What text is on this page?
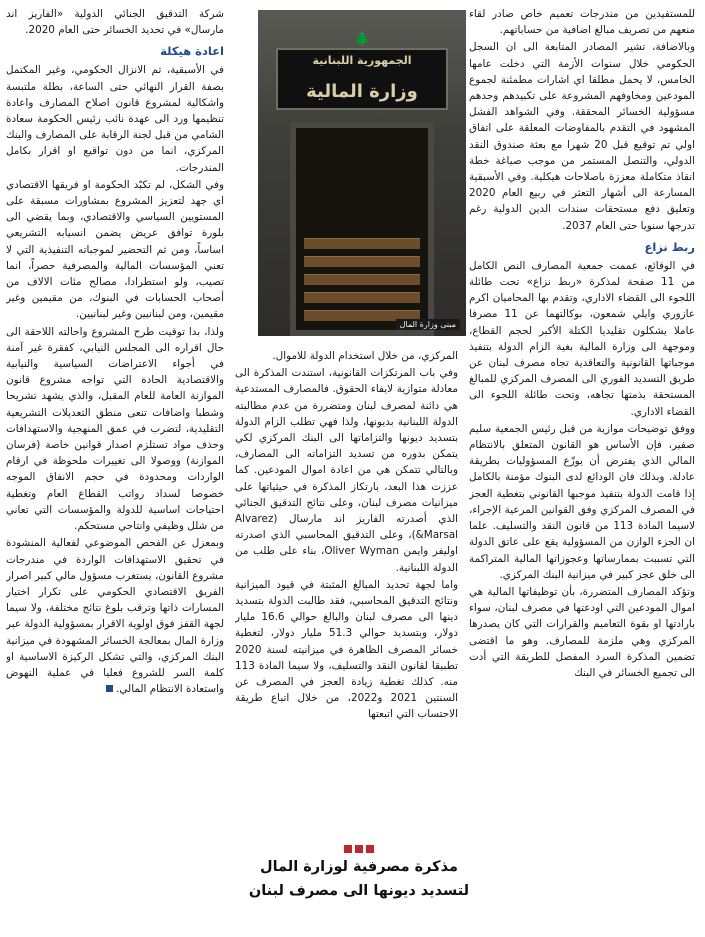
للمستفيدين من مندرجات تعميم خاص صادر لقاء منعهم من تصريف مبالغ اضافية من حساباتهم.

وبالاضافة، تشير المصادر المتابعة الى ان السجل الحكومي خلال سنوات الأزمة التي دخلت عامها الخامس، لا يحمل مطلقا اي اشارات مطمئنة لجموع المودعين ومخاوفهم المشروعة على تكبيدهم وحدهم مسؤولية الخسائر المحققة. وفي الشواهد الفشل المشهود في التقدم بالمفاوضات المعلقة على اتفاق اولي تم توقيع قبل 20 شهرا مع بعثة صندوق النقد الدولي، والتنصل المستمر من موجب صياغة خطة انقاذ متكاملة معززة باصلاحات هيكلية. وفي الأسبقية المسارعة الى أشهار التعثر في ربيع العام 2020 وتعليق دفع مستحقات سندات الدين الدولية رغم تدرجها سنويا حتى العام 2037.

ربط نزاع

في الوقائع، عممت جمعية المصارف النص الكامل من 11 صفحة لمذكرة «ربط نزاع» تحت طائلة اللجوء الى القضاء الاداري، وتقدم بها المحاميان اكرم عازوري وايلي شمعون، بوكالتهما عن 11 مصرفا عاملا يشكلون تقليديا الكتلة الأكبر لحجم القطاع، وموجهة الى وزارة المالية بغية الزام الدولة بتنفيذ موجباتها القانونية والتعاقدية تجاه مصرف لبنان عن طريق التسديد الفوري الى المصرف المركزي للمبالغ المستحقة بذمتها تجاهه، وتحت طائلة اللجوء الى القضاء الاداري.

ووفق توضيحات موازية من قبل رئيس الجمعية سليم صفير، فإن الأساس هو القانون المتعلق بالانتظام المالي الذي يفترض أن يوزّع المسؤوليات بطريقة عادلة. وبذلك فان الودائع لدى البنوك مؤمنة بالكامل إذا قامت الدولة بتنفيذ موجبها القانوني بتغطية العجز في المصرف المركزي وفق القوانين المرعية الإجراء، لاسيما المادة 113 من قانون النقد والتسليف. علما ان الجزء الوازن من المسؤولية يقع على عاتق الدولة التي تسببت بممارساتها وعجوزاتها المالية المتراكمة الى خلق عجز كبير في ميزانية البنك المركزي.

وتؤكد المصارف المتضررة، بأن توظيفاتها المالية هي اموال المودعين التي اودعتها في مصرف لبنان، سواء بارادتها او بقوة التعاميم والقرارات التي كان يصدرها المركزي وهي ملزمة للمصارف. وهو ما اقتضى تضمين المذكرة السرد المفصل للطريقة التي أدت الى تجميع الخسائر في البنك

🌲
الجمهورية اللبنانية
وزارة المالية
مبنى وزارة المال

المركزي، من خلال استخدام الدولة للاموال.

وفي باب المرتكزات القانونية، استندت المذكرة الى معادلة متوازية لايفاء الحقوق. فالمصارف المستدعية هي دائنة لمصرف لبنان ومتضررة من عدم مطالبته الدولة اللبنانية بديونها، ولذا فهي تطلب الزام الدولة بتسديد ديونها والتزاماتها الى البنك المركزي لكي يتمكن بدوره من تسديد التزاماته الى المصارف، وبالتالي تتمكن هي من اعادة اموال المودعين. كما عززت هذا البعد، بارتكاز المذكرة في حيثياتها على ميزانيات مصرف لبنان، وعلى نتائج التدقيق الجنائي الذي أصدرته الفاريز اند مارسال (Alvarez &Marsal)، وعلى التدقيق المحاسبي الذي اصدرته اوليفر وايمن Oliver Wyman، بناء على طلب من الدولة اللبنانية.

واما لجهة تحديد المبالغ المثبتة في قيود الميزانية ونتائج التدقيق المحاسبي، فقد طالبت الدولة بتسديد دينها الى مصرف لبنان والبالغ حوالي 16.6 مليار دولار، وبتسديد حوالي 51.3 مليار دولار، لتغطية خسائر المصرف الظاهرة في ميزانيته لسنة 2020 تطبيقا لقانون النقد والتسليف، ولا سيما المادة 113 منه. كذلك تغطية زيادة العجز في المصرف عن السنتين 2021 و2022، من خلال اتباع طريقة الاحتساب التي اتبعتها

مذكرة مصرفية لوزارة المال
لتسديد ديونها الى مصرف لبنان

شركة التدقيق الجنائي الدولية «الفاريز اند مارسال» في تحديد الخسائر حتى العام 2020.

اعادة هيكلة

في الأسبقية، تم الانزال الحكومي، وغير المكتمل بصفة القرار النهائي حتى الساعة، بطلة ملتبسة واشكالية لمشروع قانون اصلاح المصارف واعادة تنظيمها ورد الى عهدة نائب رئيس الحكومة سعادة الشامي من قبل لجنة الرقابة على المصارف والبنك المركزي، انما من دون تواقيع او اقرار بكامل المندرجات.

وفي الشكل، لم تكبّد الحكومة او فريقها الاقتصادي اي جهد لتعزيز المشروع بمشاورات مسبقة على المستويين السياسي والاقتصادي، وبما يقضي الى بلورة توافق عريض يضمن انسيابه التشريعي اساساً، ومن ثم التحضير لموجباته التنفيذية التي لا تعني المؤسسات المالية والمصرفية حصراً، انما تصيب، ولو استطرادا، مصالح مئات الالاف من أصحاب الحسابات في البنوك، من مقيمين وغير مقيمين، ومن لبنانيين وغير لبنانيين.

ولذا، بدا توقيت طرح المشروع واحالته اللاحقة الى حال اقراره الى المجلس النيابي، كفقرة غير آمنة في أجواء الاعتراضات السياسية والنيابية والاقتصادية الحادة التي تواجه مشروع قانون الموازنة العامة للعام المقبل، والذي يشهد تشريحا وشطبا واضافات تنعى منطق التعديلات التشريعية التقليدية، لتضرب في عمق المنهجية والاستهدافات وحذف مواد تستلزم اصدار قوانين خاصة (فرسان الموازنة) ووصولا الى تغييرات ملحوظة في ارقام الواردات ومحدودة في حجم الانفاق الموجه خصوصا لسداد رواتب القطاع العام وتغطية احتياجات اساسية للدولة والمؤسسات التي تعاني من شلل وظيفي وانتاجي مستحكم.

وبمعزل عن الفحص الموضوعي لفعالية المنشودة في تحقيق الاستهدافات الواردة في مندرجات مشروع القانون، يستغرب مسؤول مالي كبير اصرار الفريق الاقتصادي الحكومي على تكرار اختيار المسارات ذاتها وترقب بلوغ نتائج مختلفة، ولا سيما لجهة القفز فوق اولوية الاقرار بمسؤولية الدولة عبر وزارة المال بمعالجة الخسائر المشهودة في ميزانية البنك المركزي، والتي تشكل الركيزة الاساسية او كلمة السر للشروع فعليا في عملية النهوض واستعادة الانتظام المالي.
